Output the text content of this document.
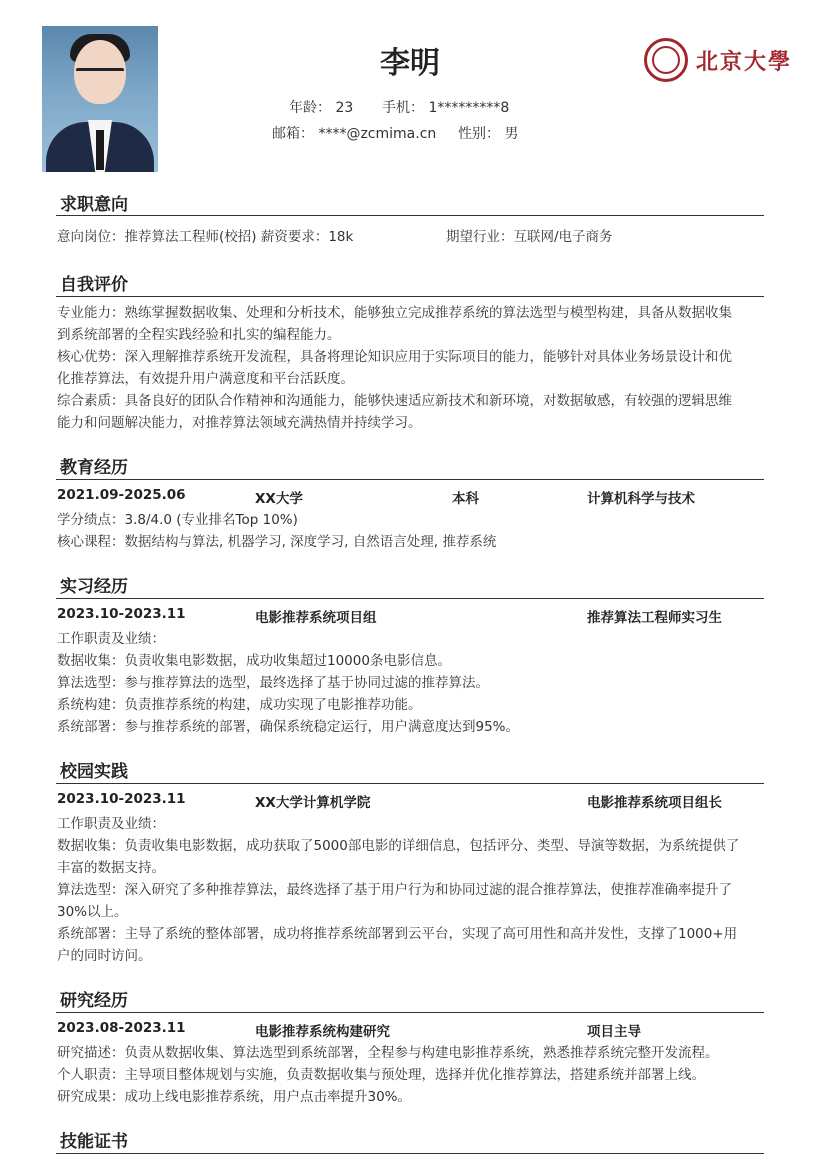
李明
年龄： 23 手机： 1*********8
邮箱： ****@zcmima.cn 性别： 男
北京大學
求职意向
意向岗位：推荐算法工程师(校招) 薪资要求：18k	期望行业：互联网/电子商务
自我评价
专业能力：熟练掌握数据收集、处理和分析技术，能够独立完成推荐系统的算法选型与模型构建，具备从数据收集
到系统部署的全程实践经验和扎实的编程能力。
核心优势：深入理解推荐系统开发流程，具备将理论知识应用于实际项目的能力，能够针对具体业务场景设计和优
化推荐算法，有效提升用户满意度和平台活跃度。
综合素质：具备良好的团队合作精神和沟通能力，能够快速适应新技术和新环境，对数据敏感，有较强的逻辑思维
能力和问题解决能力，对推荐算法领域充满热情并持续学习。
教育经历
2021.09-2025.06	XX大学	本科	计算机科学与技术
学分绩点：3.8/4.0 (专业排名Top 10%)
核心课程：数据结构与算法, 机器学习, 深度学习, 自然语言处理, 推荐系统
实习经历
2023.10-2023.11	电影推荐系统项目组	推荐算法工程师实习生
工作职责及业绩：
数据收集：负责收集电影数据，成功收集超过10000条电影信息。
算法选型：参与推荐算法的选型，最终选择了基于协同过滤的推荐算法。
系统构建：负责推荐系统的构建，成功实现了电影推荐功能。
系统部署：参与推荐系统的部署，确保系统稳定运行，用户满意度达到95%。
校园实践
2023.10-2023.11	XX大学计算机学院	电影推荐系统项目组长
工作职责及业绩：
数据收集：负责收集电影数据，成功获取了5000部电影的详细信息，包括评分、类型、导演等数据，为系统提供了
丰富的数据支持。
算法选型：深入研究了多种推荐算法，最终选择了基于用户行为和协同过滤的混合推荐算法，使推荐准确率提升了
30%以上。
系统部署：主导了系统的整体部署，成功将推荐系统部署到云平台，实现了高可用性和高并发性，支撑了1000+用
户的同时访问。
研究经历
2023.08-2023.11	电影推荐系统构建研究	项目主导
研究描述：负责从数据收集、算法选型到系统部署，全程参与构建电影推荐系统，熟悉推荐系统完整开发流程。
个人职责：主导项目整体规划与实施，负责数据收集与预处理，选择并优化推荐算法，搭建系统并部署上线。
研究成果：成功上线电影推荐系统，用户点击率提升30%。
技能证书
